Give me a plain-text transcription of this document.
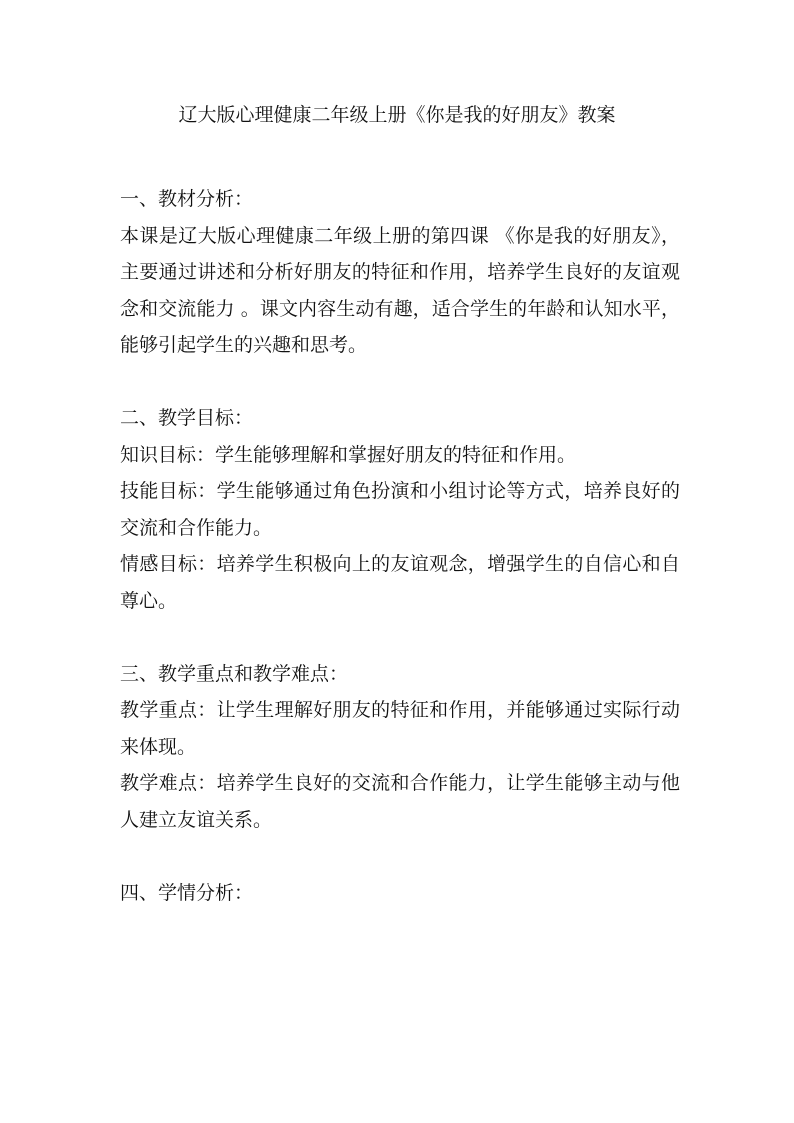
辽大版心理健康二年级上册《你是我的好朋友》教案

一、教材分析：

本课是辽大版心理健康二年级上册的第四课 《你是我的好朋友》，主要通过讲述和分析好朋友的特征和作用，培养学生良好的友谊观念和交流能力 。课文内容生动有趣，适合学生的年龄和认知水平，能够引起学生的兴趣和思考。

二、教学目标：

知识目标：学生能够理解和掌握好朋友的特征和作用。

技能目标：学生能够通过角色扮演和小组讨论等方式，培养良好的交流和合作能力。

情感目标：培养学生积极向上的友谊观念，增强学生的自信心和自尊心。

三、教学重点和教学难点：

教学重点：让学生理解好朋友的特征和作用，并能够通过实际行动来体现。

教学难点：培养学生良好的交流和合作能力，让学生能够主动与他人建立友谊关系。

四、学情分析：
